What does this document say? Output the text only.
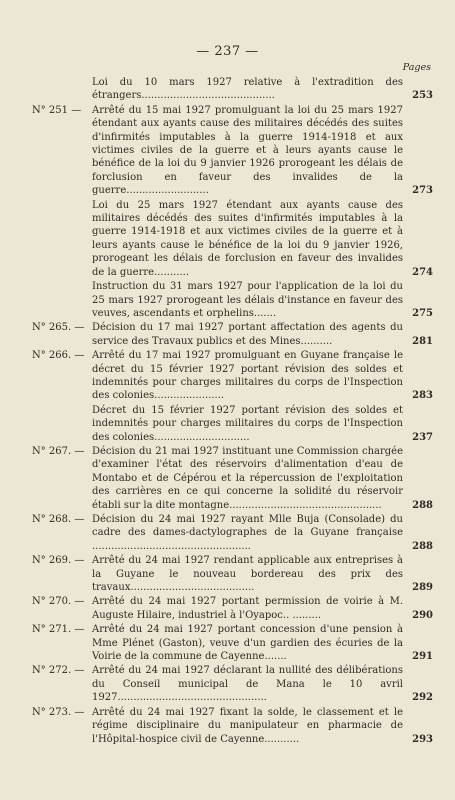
— 237 —
Pages
Loi du 10 mars 1927 relative à l'extradition des étrangers..........................................	253
N° 251 — Arrêté du 15 mai 1927 promulguant la loi du 25 mars 1927 étendant aux ayants cause des militaires décédés des suites d'infirmités imputables à la guerre 1914-1918 et aux victimes civiles de la guerre et à leurs ayants cause le bénéfice de la loi du 9 janvier 1926 prorogeant les délais de forclusion en faveur des invalides de la guerre..........................	273
Loi du 25 mars 1927 étendant aux ayants cause des militaires décédés des suites d'infirmités imputables à la guerre 1914-1918 et aux victimes civiles de la guerre et à leurs ayants cause le bénéfice de la loi du 9 janvier 1926, prorogeant les délais de forclusion en faveur des invalides de la guerre...........	274
Instruction du 31 mars 1927 pour l'application de la loi du 25 mars 1927 prorogeant les délais d'instance en faveur des veuves, ascendants et orphelins.......	275
N° 265. — Décision du 17 mai 1927 portant affectation des agents du service des Travaux publics et des Mines..........	281
N° 266. — Arrêté du 17 mai 1927 promulguant en Guyane française le décret du 15 février 1927 portant révision des soldes et indemnités pour charges militaires du corps de l'Inspection des colonies......................	283
Décret du 15 février 1927 portant révision des soldes et indemnités pour charges militaires du corps de l'Inspection des colonies..............................	237
N° 267. — Décision du 21 mai 1927 instituant une Commission chargée d'examiner l'état des réservoirs d'alimentation d'eau de Montabo et de Cépérou et la répercussion de l'exploitation des carrières en ce qui concerne la solidité du réservoir établi sur la dite montagne................................................	288
N° 268. — Décision du 24 mai 1927 rayant Mlle Buja (Consolade) du cadre des dames-dactylographes de la Guyane française ..................................................	288
N° 269. — Arrêté du 24 mai 1927 rendant applicable aux entreprises à la Guyane le nouveau bordereau des prix des travaux.......................................	289
N° 270. — Arrêté du 24 mai 1927 portant permission de voirie à M. Auguste Hilaire, industriel à l'Oyapoc.. .........	290
N° 271. — Arrêté du 24 mai 1927 portant concession d'une pension à Mme Plénet (Gaston), veuve d'un gardien des écuries de la Voirie de la commune de Cayenne.......	291
N° 272. — Arrêté du 24 mai 1927 déclarant la nullité des délibérations du Conseil municipal de Mana le 10 avril 1927...............................................	292
N° 273. — Arrêté du 24 mai 1927 fixant la solde, le classement et le régime disciplinaire du manipulateur en pharmacie de l'Hôpital-hospice civil de Cayenne...........	293
